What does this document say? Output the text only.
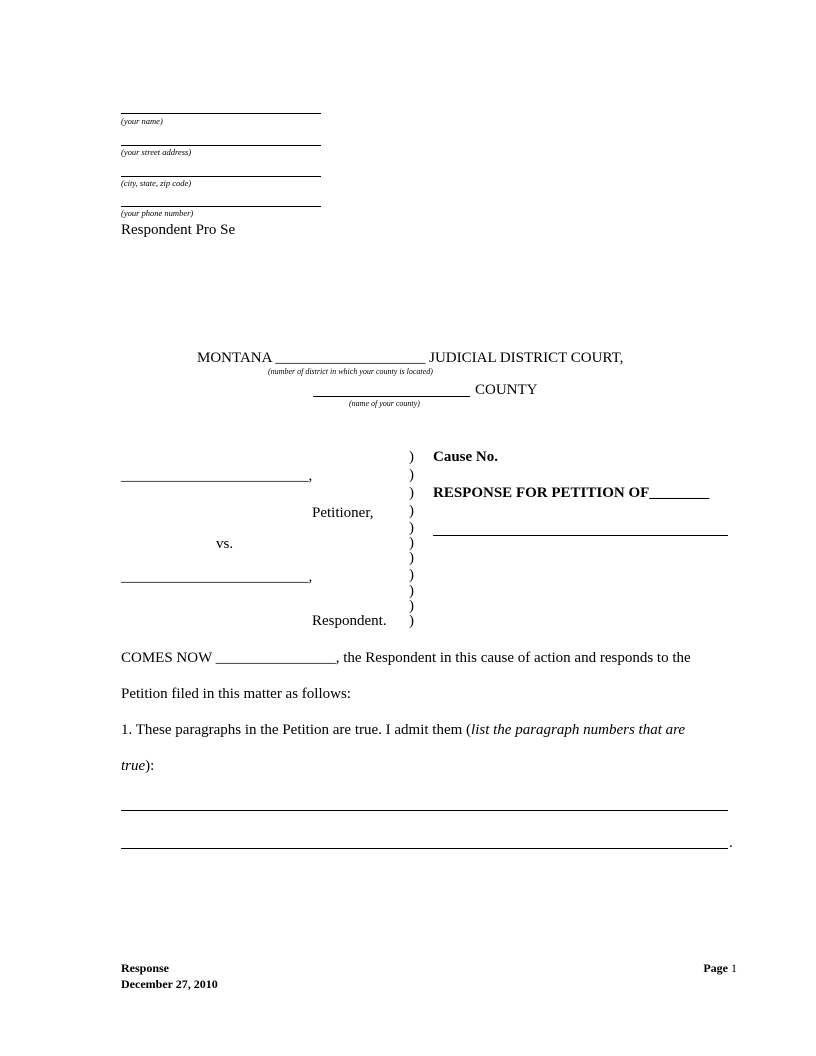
(your name)
(your street address)
(city, state, zip code)
(your phone number)
Respondent Pro Se
MONTANA ____________________ JUDICIAL DISTRICT COURT,
(number of district in which your county is located)
COUNTY
(name of your county)
_________________________,
Petitioner,
vs.
_________________________,
Respondent.
)
)
)
)
)
)
)
)
)
)
)
Cause No.
RESPONSE FOR PETITION OF________
COMES NOW ________________, the Respondent in this cause of action and responds to the
Petition filed in this matter as follows:
1. These paragraphs in the Petition are true. I admit them (list the paragraph numbers that are
true):
.
Response
December 27, 2010
Page 1
